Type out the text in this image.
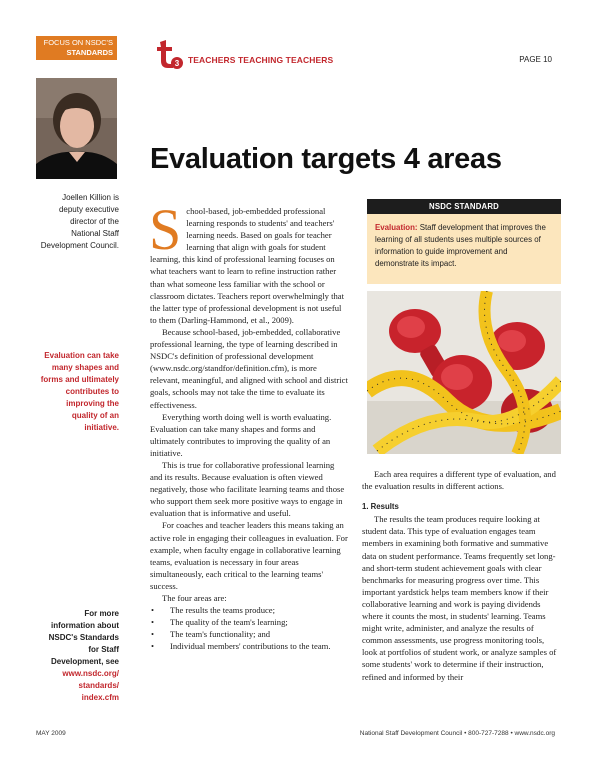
FOCUS ON NSDC'S
STANDARDS
3 TEACHERS TEACHING TEACHERS	PAGE 10
Joellen Killion is
deputy executive
director of the
National Staff
Development Council.
Evaluation can take
many shapes and
forms and ultimately
contributes to
improving the
quality of an
initiative.
For more
information about
NSDC's Standards
for Staff
Development, see
www.nsdc.org/
standards/
index.cfm
Evaluation targets 4 areas

School-based, job-embedded professional learning responds to students' and teachers' learning needs. Based on goals for teacher learning that align with goals for student learning, this kind of professional learning focuses on what teachers want to learn to refine instruction rather than what someone less familiar with the school or classroom dictates. Teachers report overwhelmingly that the latter type of professional development is not useful to them (Darling-Hammond, et al., 2009).

Because school-based, job-embedded, collaborative professional learning, the type of learning described in NSDC's definition of professional development (www.nsdc.org/standfor/definition.cfm), is more relevant, meaningful, and aligned with school and district goals, schools may not take the time to evaluate its effectiveness.

Everything worth doing well is worth evaluating. Evaluation can take many shapes and forms and ultimately contributes to improving the quality of an initiative.

This is true for collaborative professional learning and its results. Because evaluation is often viewed negatively, those who facilitate learning teams and those who support them seek more positive ways to engage in evaluation that is informative and useful.

For coaches and teacher leaders this means taking an active role in engaging their colleagues in evaluation. For example, when faculty engage in collaborative learning teams, evaluation is necessary in four areas simultaneously, each critical to the learning teams' success.

The four areas are:

• The results the teams produce;
• The quality of the team's learning;
• The team's functionality; and
• Individual members' contributions to the team.
NSDC STANDARD
Evaluation: Staff development that improves the learning of all students uses multiple sources of information to guide improvement and demonstrate its impact.

Each area requires a different type of evaluation, and the evaluation results in different actions.

1. Results

The results the team produces require looking at student data. This type of evaluation engages team members in examining both formative and summative data on student performance. Teams frequently set long- and short-term student achievement goals with clear benchmarks for measuring progress over time. This important yardstick helps team members know if their collaborative learning and work is paying dividends where it counts the most, in students' learning. Teams might write, administer, and analyze the results of common assessments, use progress monitoring tools, look at portfolios of student work, or analyze samples of some students' work to determine if their instruction, refined and informed by their

MAY 2009	National Staff Development Council • 800-727-7288 • www.nsdc.org
